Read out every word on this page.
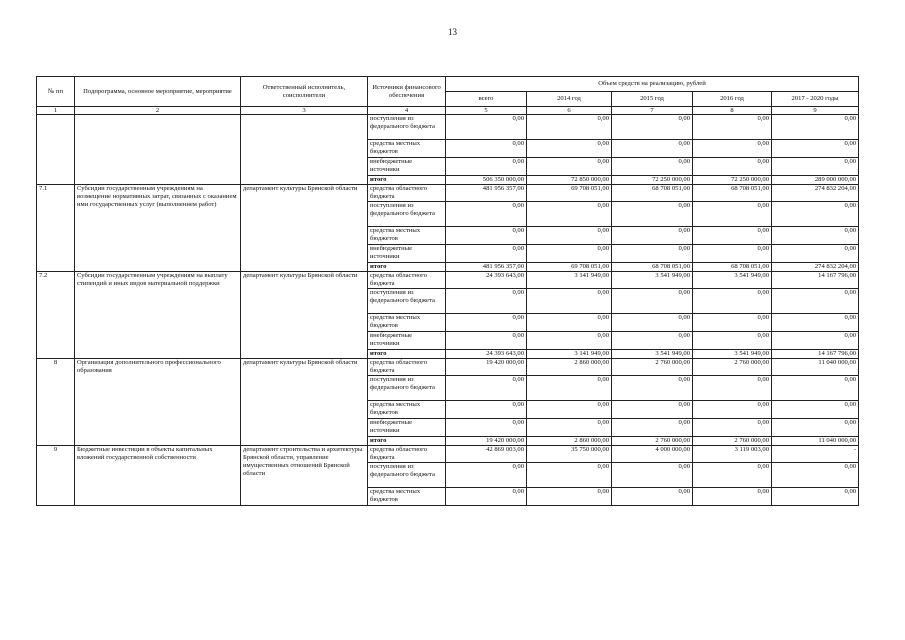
13
№ пп	Подпрограмма, основное мероприятие, мероприятие	Ответственный исполнитель, соисполнители	Источники финансового обеспечения	Объем средств на реализацию, рублей				
				всего	2014 год	2015 год	2016 год	2017 - 2020 годы
1	2	3	4	5	6	7	8	9
			поступления из федерального бюджета	0,00	0,00	0,00	0,00	0,00
			средства местных бюджетов	0,00	0,00	0,00	0,00	0,00
			внебюджетные источники	0,00	0,00	0,00	0,00	0,00
			итого	506 350 000,00	72 850 000,00	72 250 000,00	72 250 000,00	289 000 000,00
7.1	Субсидии государственным учреждениям на возмещение нормативных затрат, связанных с оказанием ими государственных услуг (выполнением работ)	департамент культуры Брянской области	средства областного бюджета	481 956 357,00	69 708 051,00	68 708 051,00	68 708 051,00	274 832 204,00
			поступления из федерального бюджета	0,00	0,00	0,00	0,00	0,00
			средства местных бюджетов	0,00	0,00	0,00	0,00	0,00
			внебюджетные источники	0,00	0,00	0,00	0,00	0,00
			итого	481 956 357,00	69 708 051,00	68 708 051,00	68 708 051,00	274 832 204,00
7.2	Субсидии государственным учреждениям на выплату стипендий и иных видов материальной поддержки	департамент культуры Брянской области	средства областного бюджета	24 393 643,00	3 141 949,00	3 541 949,00	3 541 949,00	14 167 796,00
			поступления из федерального бюджета	0,00	0,00	0,00	0,00	0,00
			средства местных бюджетов	0,00	0,00	0,00	0,00	0,00
			внебюджетные источники	0,00	0,00	0,00	0,00	0,00
			итого	24 393 643,00	3 141 949,00	3 541 949,00	3 541 949,00	14 167 796,00
8	Организация дополнительного профессионального образования	департамент культуры Брянской области	средства областного бюджета	19 420 000,00	2 860 000,00	2 760 000,00	2 760 000,00	11 040 000,00
			поступления из федерального бюджета	0,00	0,00	0,00	0,00	0,00
			средства местных бюджетов	0,00	0,00	0,00	0,00	0,00
			внебюджетные источники	0,00	0,00	0,00	0,00	0,00
			итого	19 420 000,00	2 860 000,00	2 760 000,00	2 760 000,00	11 040 000,00
9	Бюджетные инвестиции в объекты капитальных вложений государственной собственности	департамент строительства и архитектуры Брянской области, управление имущественных отношений Брянской области	средства областного бюджета	42 869 003,00	35 750 000,00	4 000 000,00	3 119 003,00	-
			поступления из федерального бюджета	0,00	0,00	0,00	0,00	0,00
			средства местных бюджетов	0,00	0,00	0,00	0,00	0,00
